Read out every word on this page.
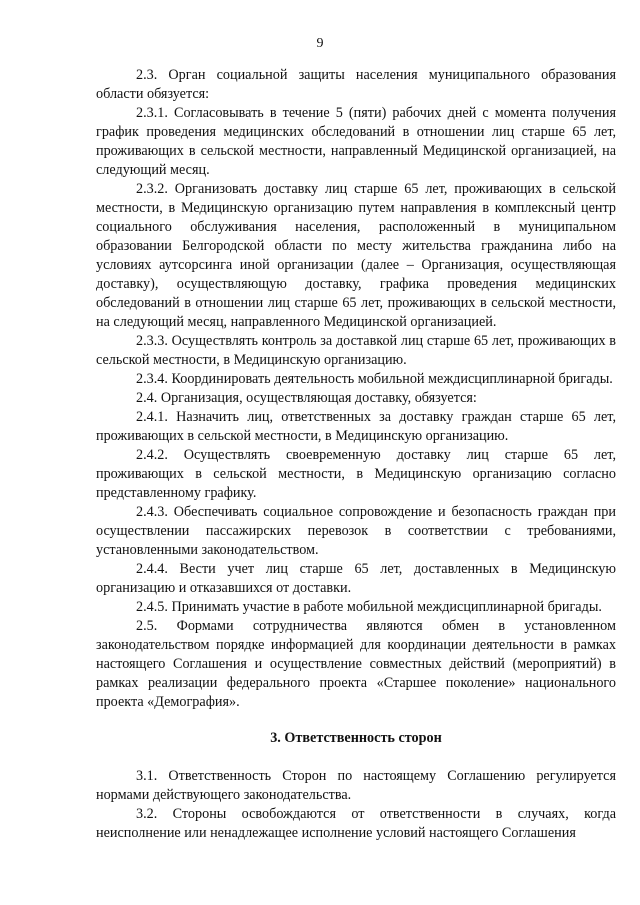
9

2.3. Орган социальной защиты населения муниципального образования области обязуется:

2.3.1. Согласовывать в течение 5 (пяти) рабочих дней с момента получения график проведения медицинских обследований в отношении лиц старше 65 лет, проживающих в сельской местности, направленный Медицинской организацией, на следующий месяц.

2.3.2. Организовать доставку лиц старше 65 лет, проживающих в сельской местности, в Медицинскую организацию путем направления в комплексный центр социального обслуживания населения, расположенный в муниципальном образовании Белгородской области по месту жительства гражданина либо на условиях аутсорсинга иной организации (далее – Организация, осуществляющая доставку), осуществляющую доставку, графика проведения медицинских обследований в отношении лиц старше 65 лет, проживающих в сельской местности, на следующий месяц, направленного Медицинской организацией.

2.3.3. Осуществлять контроль за доставкой лиц старше 65 лет, проживающих в сельской местности, в Медицинскую организацию.

2.3.4. Координировать деятельность мобильной междисциплинарной бригады.

2.4. Организация, осуществляющая доставку, обязуется:

2.4.1. Назначить лиц, ответственных за доставку граждан старше 65 лет, проживающих в сельской местности, в Медицинскую организацию.

2.4.2. Осуществлять своевременную доставку лиц старше 65 лет, проживающих в сельской местности, в Медицинскую организацию согласно представленному графику.

2.4.3. Обеспечивать социальное сопровождение и безопасность граждан при осуществлении пассажирских перевозок в соответствии с требованиями, установленными законодательством.

2.4.4. Вести учет лиц старше 65 лет, доставленных в Медицинскую организацию и отказавшихся от доставки.

2.4.5. Принимать участие в работе мобильной междисциплинарной бригады.

2.5. Формами сотрудничества являются обмен в установленном законодательством порядке информацией для координации деятельности в рамках настоящего Соглашения и осуществление совместных действий (мероприятий) в рамках реализации федерального проекта «Старшее поколение» национального проекта «Демография».

3. Ответственность сторон

3.1. Ответственность Сторон по настоящему Соглашению регулируется нормами действующего законодательства.

3.2. Стороны освобождаются от ответственности в случаях, когда неисполнение или ненадлежащее исполнение условий настоящего Соглашения
